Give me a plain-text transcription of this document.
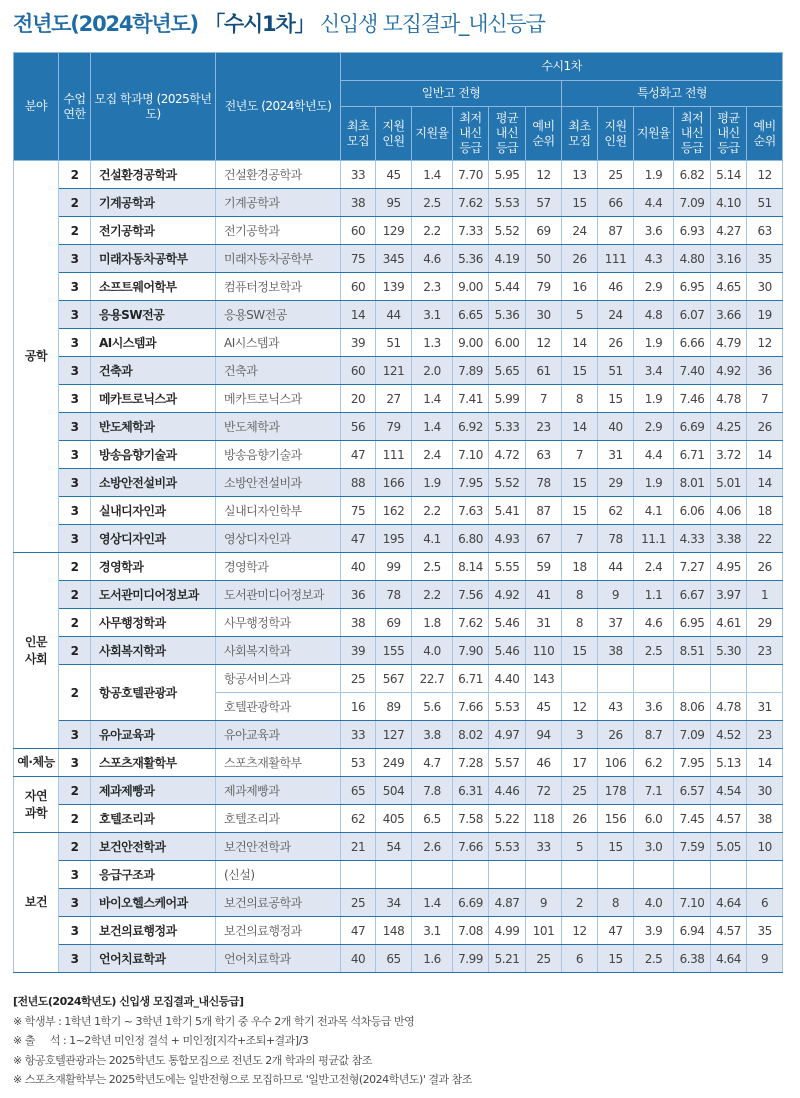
전년도(2024학년도) 「수시1차」 신입생 모집결과_내신등급
분야	수업 연한	모집 학과명 (2025학년도)	전년도 (2024학년도)	수시1차											
				일반고 전형						특성화고 전형					
				최초 모집	지원 인원	지원율	최저 내신 등급	평균 내신 등급	예비 순위	최초 모집	지원 인원	지원율	최저 내신 등급	평균 내신 등급	예비 순위
공학	2	건설환경공학과	건설환경공학과	33	45	1.4	7.70	5.95	12	13	25	1.9	6.82	5.14	12
	2	기계공학과	기계공학과	38	95	2.5	7.62	5.53	57	15	66	4.4	7.09	4.10	51
	2	전기공학과	전기공학과	60	129	2.2	7.33	5.52	69	24	87	3.6	6.93	4.27	63
	3	미래자동차공학부	미래자동차공학부	75	345	4.6	5.36	4.19	50	26	111	4.3	4.80	3.16	35
	3	소프트웨어학부	컴퓨터정보학과	60	139	2.3	9.00	5.44	79	16	46	2.9	6.95	4.65	30
	3	응용SW전공	응용SW전공	14	44	3.1	6.65	5.36	30	5	24	4.8	6.07	3.66	19
	3	AI시스템과	AI시스템과	39	51	1.3	9.00	6.00	12	14	26	1.9	6.66	4.79	12
	3	건축과	건축과	60	121	2.0	7.89	5.65	61	15	51	3.4	7.40	4.92	36
	3	메카트로닉스과	메카트로닉스과	20	27	1.4	7.41	5.99	7	8	15	1.9	7.46	4.78	7
	3	반도체학과	반도체학과	56	79	1.4	6.92	5.33	23	14	40	2.9	6.69	4.25	26
	3	방송음향기술과	방송음향기술과	47	111	2.4	7.10	4.72	63	7	31	4.4	6.71	3.72	14
	3	소방안전설비과	소방안전설비과	88	166	1.9	7.95	5.52	78	15	29	1.9	8.01	5.01	14
	3	실내디자인과	실내디자인학부	75	162	2.2	7.63	5.41	87	15	62	4.1	6.06	4.06	18
	3	영상디자인과	영상디자인과	47	195	4.1	6.80	4.93	67	7	78	11.1	4.33	3.38	22
인문 사회	2	경영학과	경영학과	40	99	2.5	8.14	5.55	59	18	44	2.4	7.27	4.95	26
	2	도서관미디어정보과	도서관미디어정보과	36	78	2.2	7.56	4.92	41	8	9	1.1	6.67	3.97	1
	2	사무행정학과	사무행정학과	38	69	1.8	7.62	5.46	31	8	37	4.6	6.95	4.61	29
	2	사회복지학과	사회복지학과	39	155	4.0	7.90	5.46	110	15	38	2.5	8.51	5.30	23
	2	항공호텔관광과	항공서비스과	25	567	22.7	6.71	4.40	143						
			호텔관광학과	16	89	5.6	7.66	5.53	45	12	43	3.6	8.06	4.78	31
	3	유아교육과	유아교육과	33	127	3.8	8.02	4.97	94	3	26	8.7	7.09	4.52	23
예·체능	3	스포츠재활학부	스포츠재활학부	53	249	4.7	7.28	5.57	46	17	106	6.2	7.95	5.13	14
자연 과학	2	제과제빵과	제과제빵과	65	504	7.8	6.31	4.46	72	25	178	7.1	6.57	4.54	30
	2	호텔조리과	호텔조리과	62	405	6.5	7.58	5.22	118	26	156	6.0	7.45	4.57	38
보건	2	보건안전학과	보건안전학과	21	54	2.6	7.66	5.53	33	5	15	3.0	7.59	5.05	10
	3	응급구조과	(신설)												
	3	바이오헬스케어과	보건의료공학과	25	34	1.4	6.69	4.87	9	2	8	4.0	7.10	4.64	6
	3	보건의료행정과	보건의료행정과	47	148	3.1	7.08	4.99	101	12	47	3.9	6.94	4.57	35
	3	언어치료학과	언어치료학과	40	65	1.6	7.99	5.21	25	6	15	2.5	6.38	4.64	9
[전년도(2024학년도) 신입생 모집결과_내신등급]
※ 학생부 : 1학년 1학기 ~ 3학년 1학기 5개 학기 중 우수 2개 학기 전과목 석차등급 반영
※ 출     석 : 1~2학년 미인정 결석 + 미인정[지각+조퇴+결과]/3
※ 항공호텔관광과는 2025학년도 통합모집으로 전년도 2개 학과의 평균값 참조
※ 스포츠재활학부는 2025학년도에는 일반전형으로 모집하므로 '일반고전형(2024학년도)' 결과 참조
